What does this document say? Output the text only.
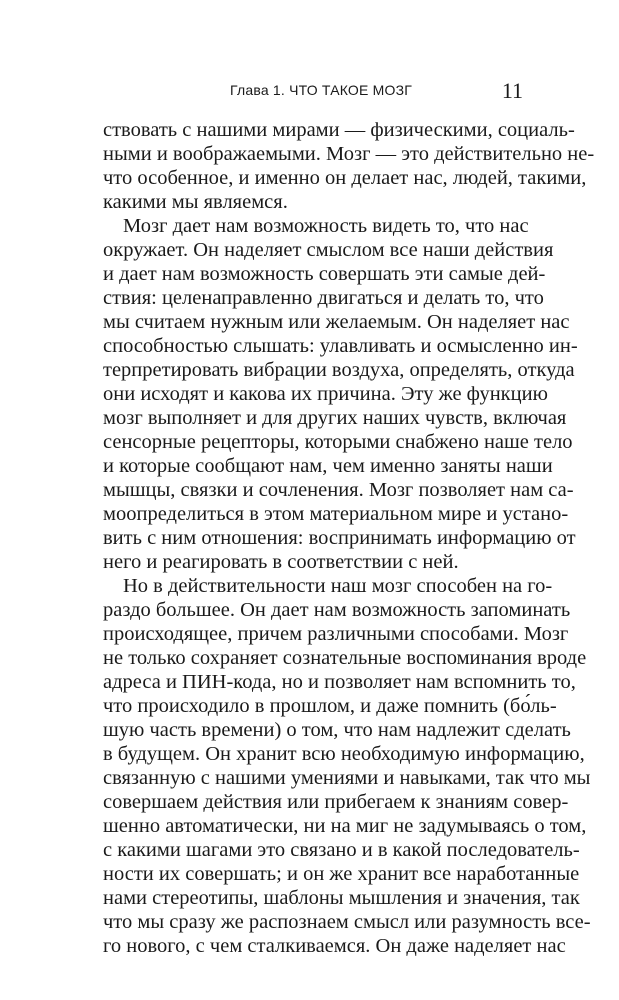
Глава 1. ЧТО ТАКОЕ МОЗГ	11
ствовать с нашими мирами — физическими, социаль-
ными и воображаемыми. Мозг — это действительно не-
что особенное, и именно он делает нас, людей, такими,
какими мы являемся.
Мозг дает нам возможность видеть то, что нас
окружает. Он наделяет смыслом все наши действия
и дает нам возможность совершать эти самые дей-
ствия: целенаправленно двигаться и делать то, что
мы считаем нужным или желаемым. Он наделяет нас
способностью слышать: улавливать и осмысленно ин-
терпретировать вибрации воздуха, определять, откуда
они исходят и какова их причина. Эту же функцию
мозг выполняет и для других наших чувств, включая
сенсорные рецепторы, которыми снабжено наше тело
и которые сообщают нам, чем именно заняты наши
мышцы, связки и сочленения. Мозг позволяет нам са-
моопределиться в этом материальном мире и устано-
вить с ним отношения: воспринимать информацию от
него и реагировать в соответствии с ней.
Но в действительности наш мозг способен на го-
раздо большее. Он дает нам возможность запоминать
происходящее, причем различными способами. Мозг
не только сохраняет сознательные воспоминания вроде
адреса и ПИН-кода, но и позволяет нам вспомнить то,
что происходило в прошлом, и даже помнить (бо́ль-
шую часть времени) о том, что нам надлежит сделать
в будущем. Он хранит всю необходимую информацию,
связанную с нашими умениями и навыками, так что мы
совершаем действия или прибегаем к знаниям совер-
шенно автоматически, ни на миг не задумываясь о том,
с какими шагами это связано и в какой последователь-
ности их совершать; и он же хранит все наработанные
нами стереотипы, шаблоны мышления и значения, так
что мы сразу же распознаем смысл или разумность все-
го нового, с чем сталкиваемся. Он даже наделяет нас
